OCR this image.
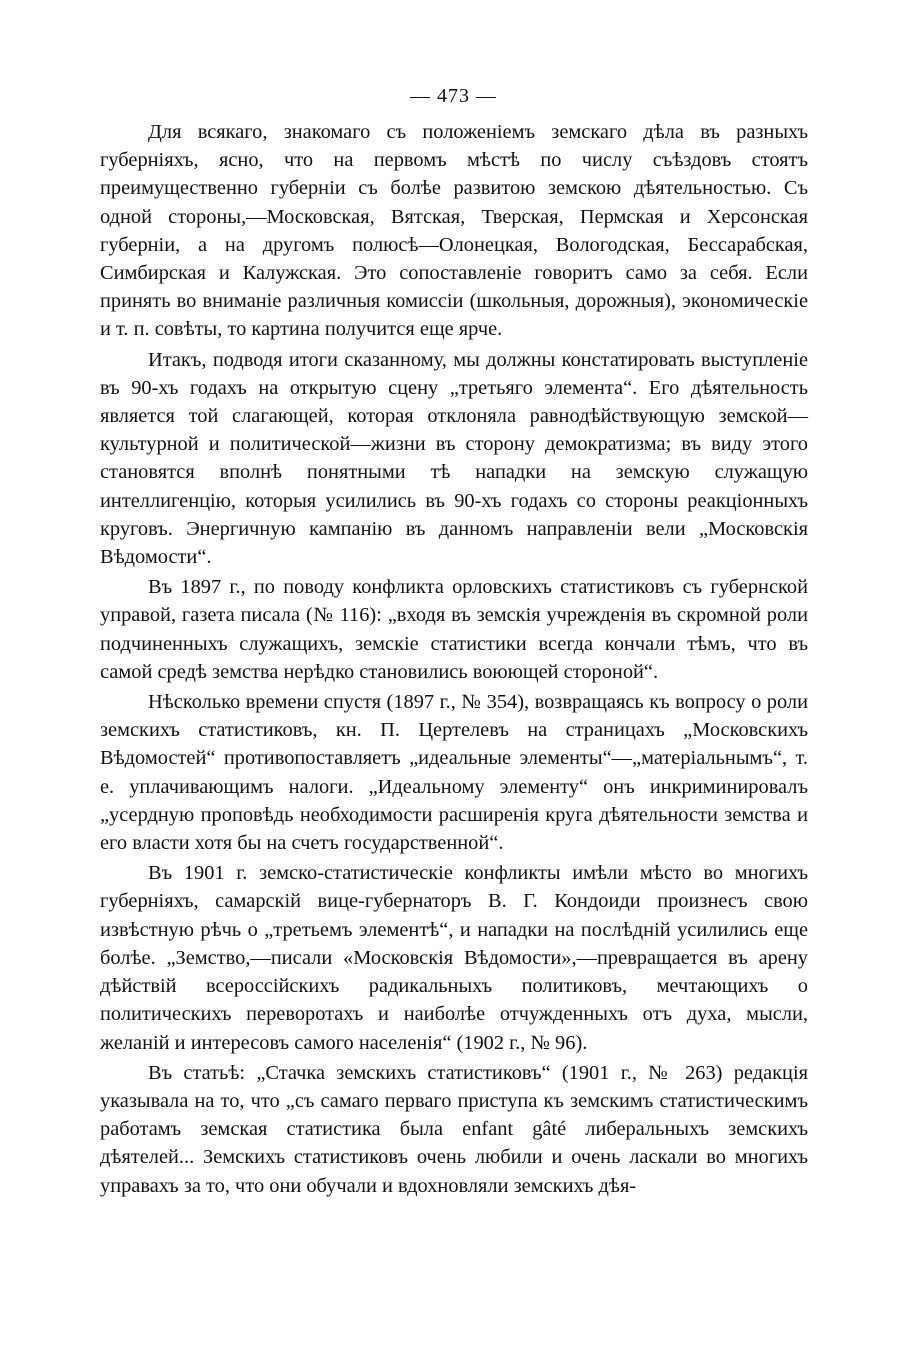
— 473 —

Для всякаго, знакомаго съ положеніемъ земскаго дѣла въ разныхъ губерніяхъ, ясно, что на первомъ мѣстѣ по числу съѣздовъ стоятъ преимущественно губерніи съ болѣе развитою земскою дѣятельностью. Съ одной стороны,—Московская, Вятская, Тверская, Пермская и Херсонская губерніи, а на другомъ полюсѣ—Олонецкая, Вологодская, Бессарабская, Симбирская и Калужская. Это сопоставленіе говоритъ само за себя. Если принять во вниманіе различныя комиссіи (школьныя, дорожныя), экономическіе и т. п. совѣты, то картина получится еще ярче.

Итакъ, подводя итоги сказанному, мы должны констатировать выступленіе въ 90-хъ годахъ на открытую сцену „третьяго элемента“. Его дѣятельность является той слагающей, которая отклоняла равнодѣйствующую земской—культурной и политической—жизни въ сторону демократизма; въ виду этого становятся вполнѣ понятными тѣ нападки на земскую служащую интеллигенцію, которыя усилились въ 90-хъ годахъ со стороны реакціонныхъ круговъ. Энергичную кампанію въ данномъ направленіи вели „Московскія Вѣдомости“.

Въ 1897 г., по поводу конфликта орловскихъ статистиковъ съ губернской управой, газета писала (№ 116): „входя въ земскія учрежденія въ скромной роли подчиненныхъ служащихъ, земскіе статистики всегда кончали тѣмъ, что въ самой средѣ земства нерѣдко становились воюющей стороной“.

Нѣсколько времени спустя (1897 г., № 354), возвращаясь къ вопросу о роли земскихъ статистиковъ, кн. П. Цертелевъ на страницахъ „Московскихъ Вѣдомостей“ противопоставляетъ „идеальные элементы“—„матеріальнымъ“, т. е. уплачивающимъ налоги. „Идеальному элементу“ онъ инкриминировалъ „усердную проповѣдь необходимости расширенія круга дѣятельности земства и его власти хотя бы на счетъ государственной“.

Въ 1901 г. земско-статистическіе конфликты имѣли мѣсто во многихъ губерніяхъ, самарскій вице-губернаторъ В. Г. Кондоиди произнесъ свою извѣстную рѣчь о „третьемъ элементѣ“, и нападки на послѣдній усилились еще болѣе. „Земство,—писали «Московскія Вѣдомости»,—превращается въ арену дѣйствій всероссійскихъ радикальныхъ политиковъ, мечтающихъ о политическихъ переворотахъ и наиболѣе отчужденныхъ отъ духа, мысли, желаній и интересовъ самого населенія“ (1902 г., № 96).

Въ статьѣ: „Стачка земскихъ статистиковъ“ (1901 г., № 263) редакція указывала на то, что „съ самаго перваго приступа къ земскимъ статистическимъ работамъ земская статистика была enfant gâté либеральныхъ земскихъ дѣятелей... Земскихъ статистиковъ очень любили и очень ласкали во многихъ управахъ за то, что они обучали и вдохновляли земскихъ дѣя-
